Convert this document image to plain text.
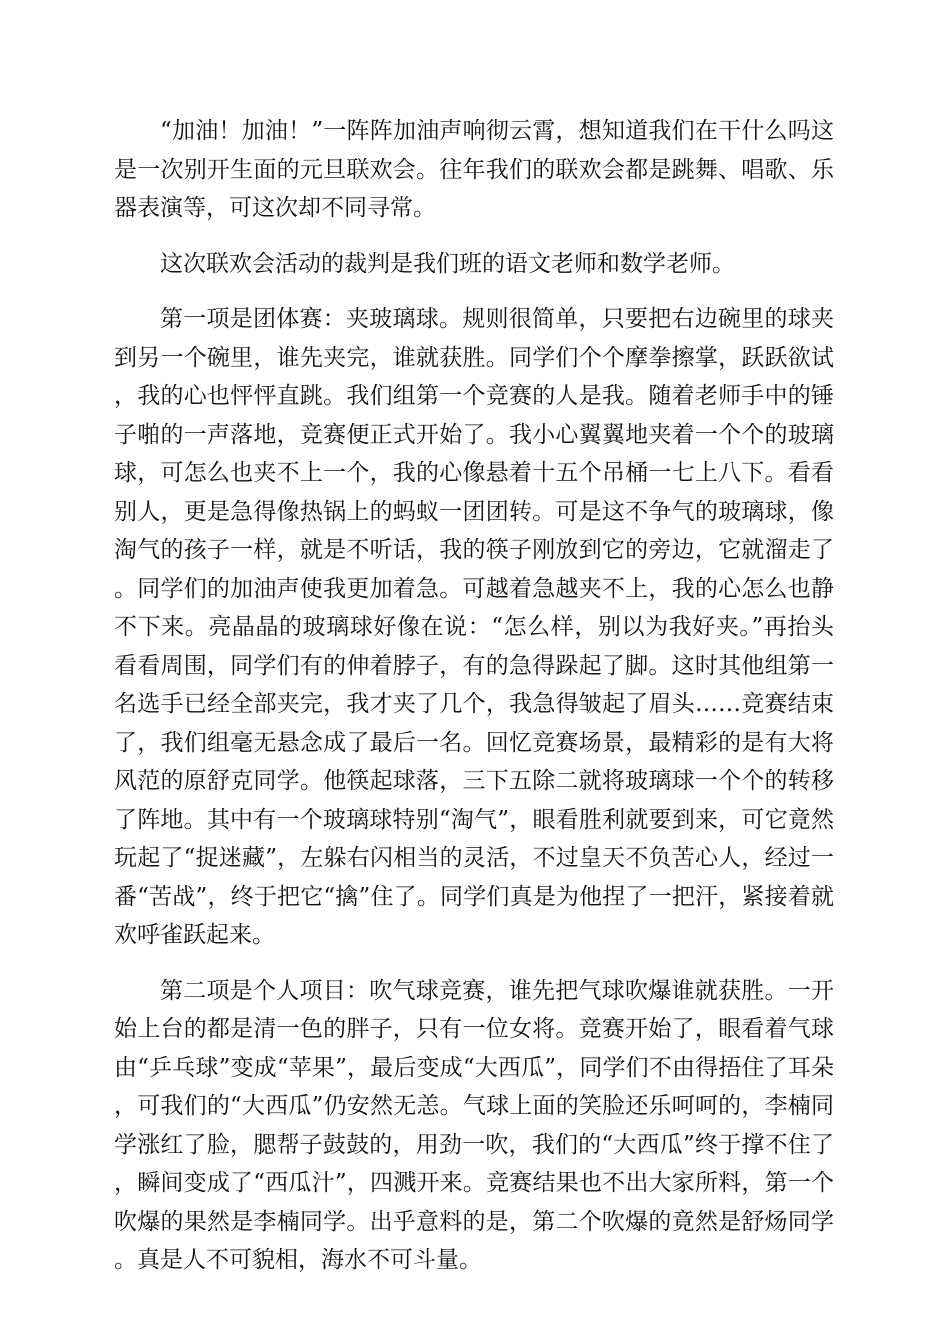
“加油！加油！”一阵阵加油声响彻云霄，想知道我们在干什么吗这是一次别开生面的元旦联欢会。往年我们的联欢会都是跳舞、唱歌、乐器表演等，可这次却不同寻常。

这次联欢会活动的裁判是我们班的语文老师和数学老师。

第一项是团体赛：夹玻璃球。规则很简单，只要把右边碗里的球夹到另一个碗里，谁先夹完，谁就获胜。同学们个个摩拳擦掌，跃跃欲试，我的心也怦怦直跳。我们组第一个竞赛的人是我。随着老师手中的锤子啪的一声落地，竞赛便正式开始了。我小心翼翼地夹着一个个的玻璃球，可怎么也夹不上一个，我的心像悬着十五个吊桶一七上八下。看看别人，更是急得像热锅上的蚂蚁一团团转。可是这不争气的玻璃球，像淘气的孩子一样，就是不听话，我的筷子刚放到它的旁边，它就溜走了。同学们的加油声使我更加着急。可越着急越夹不上，我的心怎么也静不下来。亮晶晶的玻璃球好像在说：“怎么样，别以为我好夹。”再抬头看看周围，同学们有的伸着脖子，有的急得跺起了脚。这时其他组第一名选手已经全部夹完，我才夹了几个，我急得皱起了眉头……竞赛结束了，我们组毫无悬念成了最后一名。回忆竞赛场景，最精彩的是有大将风范的原舒克同学。他筷起球落，三下五除二就将玻璃球一个个的转移了阵地。其中有一个玻璃球特别“淘气”，眼看胜利就要到来，可它竟然玩起了“捉迷藏”，左躲右闪相当的灵活，不过皇天不负苦心人，经过一番“苦战”，终于把它“擒”住了。同学们真是为他捏了一把汗，紧接着就欢呼雀跃起来。

第二项是个人项目：吹气球竞赛，谁先把气球吹爆谁就获胜。一开始上台的都是清一色的胖子，只有一位女将。竞赛开始了，眼看着气球由“乒乓球”变成“苹果”，最后变成“大西瓜”，同学们不由得捂住了耳朵，可我们的“大西瓜”仍安然无恙。气球上面的笑脸还乐呵呵的，李楠同学涨红了脸，腮帮子鼓鼓的，用劲一吹，我们的“大西瓜”终于撑不住了，瞬间变成了“西瓜汁”，四溅开来。竞赛结果也不出大家所料，第一个吹爆的果然是李楠同学。出乎意料的是，第二个吹爆的竟然是舒炀同学。真是人不可貌相，海水不可斗量。
